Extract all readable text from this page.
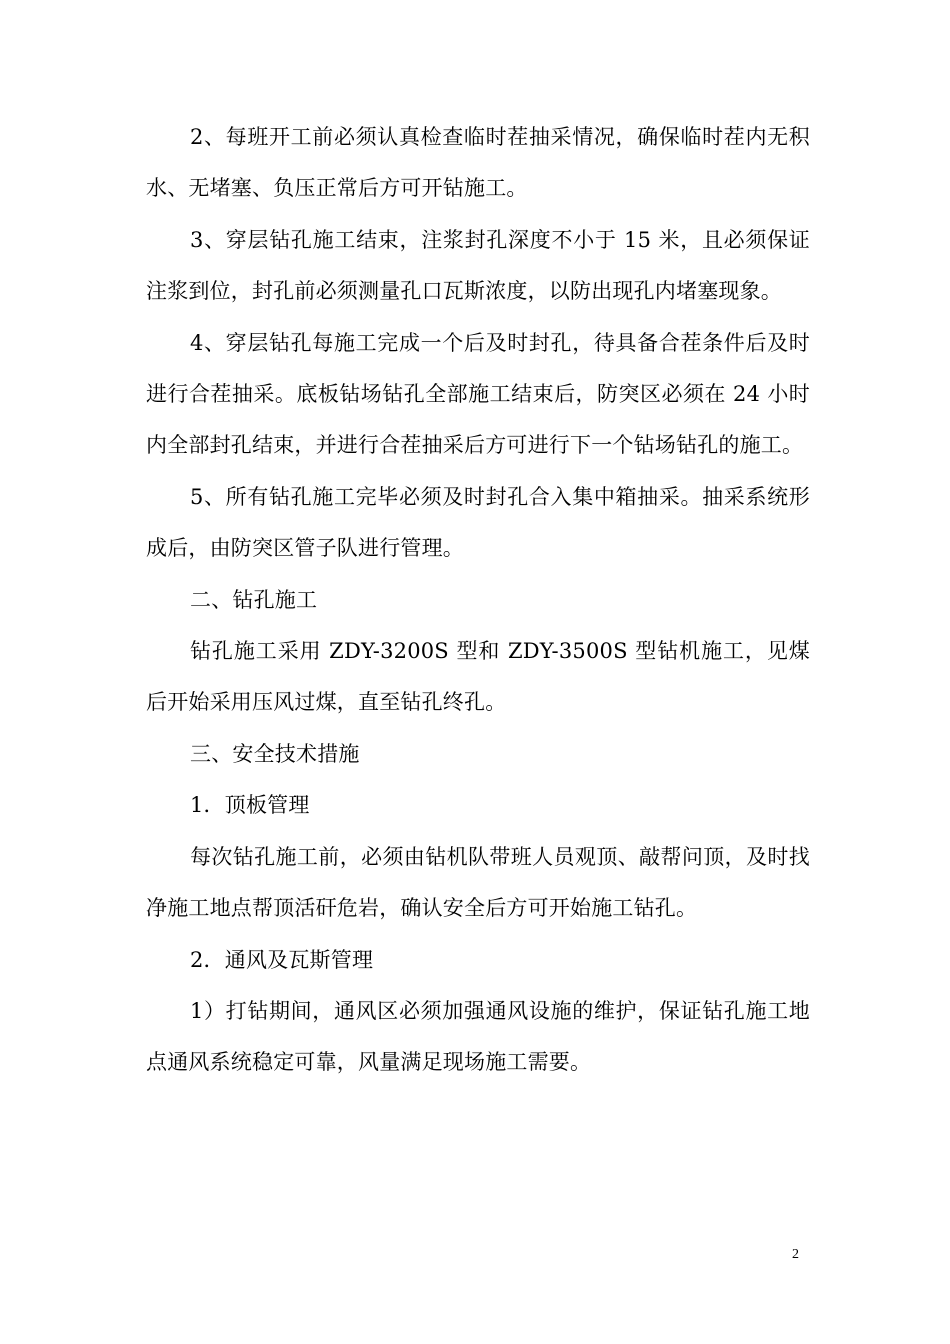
2、每班开工前必须认真检查临时茬抽采情况，确保临时茬内无积水、无堵塞、负压正常后方可开钻施工。

3、穿层钻孔施工结束，注浆封孔深度不小于 15 米，且必须保证注浆到位，封孔前必须测量孔口瓦斯浓度，以防出现孔内堵塞现象。

4、穿层钻孔每施工完成一个后及时封孔，待具备合茬条件后及时进行合茬抽采。底板钻场钻孔全部施工结束后，防突区必须在 24 小时内全部封孔结束，并进行合茬抽采后方可进行下一个钻场钻孔的施工。

5、所有钻孔施工完毕必须及时封孔合入集中箱抽采。抽采系统形成后，由防突区管子队进行管理。

二、钻孔施工

钻孔施工采用 ZDY-3200S 型和 ZDY-3500S 型钻机施工，见煤后开始采用压风过煤，直至钻孔终孔。

三、安全技术措施

1．顶板管理

每次钻孔施工前，必须由钻机队带班人员观顶、敲帮问顶，及时找净施工地点帮顶活矸危岩，确认安全后方可开始施工钻孔。

2．通风及瓦斯管理

1）打钻期间，通风区必须加强通风设施的维护，保证钻孔施工地点通风系统稳定可靠，风量满足现场施工需要。

2
